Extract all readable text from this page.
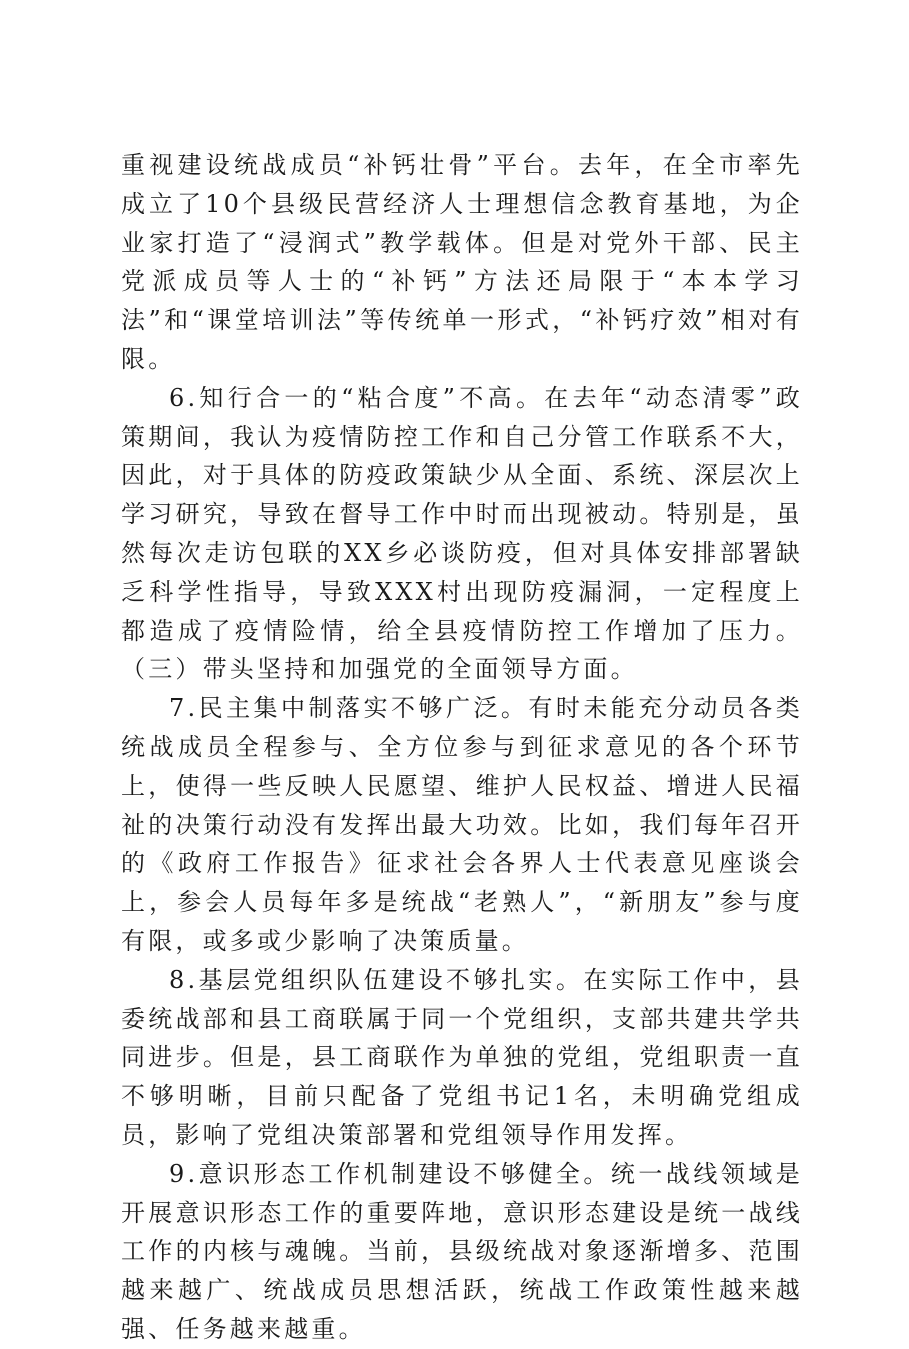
重视建设统战成员“补钙壮骨”平台。去年，在全市率先成立了10个县级民营经济人士理想信念教育基地，为企业家打造了“浸润式”教学载体。但是对党外干部、民主党派成员等人士的“补钙”方法还局限于“本本学习法”和“课堂培训法”等传统单一形式，“补钙疗效”相对有限。

6.知行合一的“粘合度”不高。在去年“动态清零”政策期间，我认为疫情防控工作和自己分管工作联系不大，因此，对于具体的防疫政策缺少从全面、系统、深层次上学习研究，导致在督导工作中时而出现被动。特别是，虽然每次走访包联的XX乡必谈防疫，但对具体安排部署缺乏科学性指导，导致XXX村出现防疫漏洞，一定程度上都造成了疫情险情，给全县疫情防控工作增加了压力。（三）带头坚持和加强党的全面领导方面。

7.民主集中制落实不够广泛。有时未能充分动员各类统战成员全程参与、全方位参与到征求意见的各个环节上，使得一些反映人民愿望、维护人民权益、增进人民福祉的决策行动没有发挥出最大功效。比如，我们每年召开的《政府工作报告》征求社会各界人士代表意见座谈会上，参会人员每年多是统战“老熟人”，“新朋友”参与度有限，或多或少影响了决策质量。

8.基层党组织队伍建设不够扎实。在实际工作中，县委统战部和县工商联属于同一个党组织，支部共建共学共同进步。但是，县工商联作为单独的党组，党组职责一直不够明晰，目前只配备了党组书记1名，未明确党组成员，影响了党组决策部署和党组领导作用发挥。

9.意识形态工作机制建设不够健全。统一战线领域是开展意识形态工作的重要阵地，意识形态建设是统一战线工作的内核与魂魄。当前，县级统战对象逐渐增多、范围越来越广、统战成员思想活跃，统战工作政策性越来越强、任务越来越重。
